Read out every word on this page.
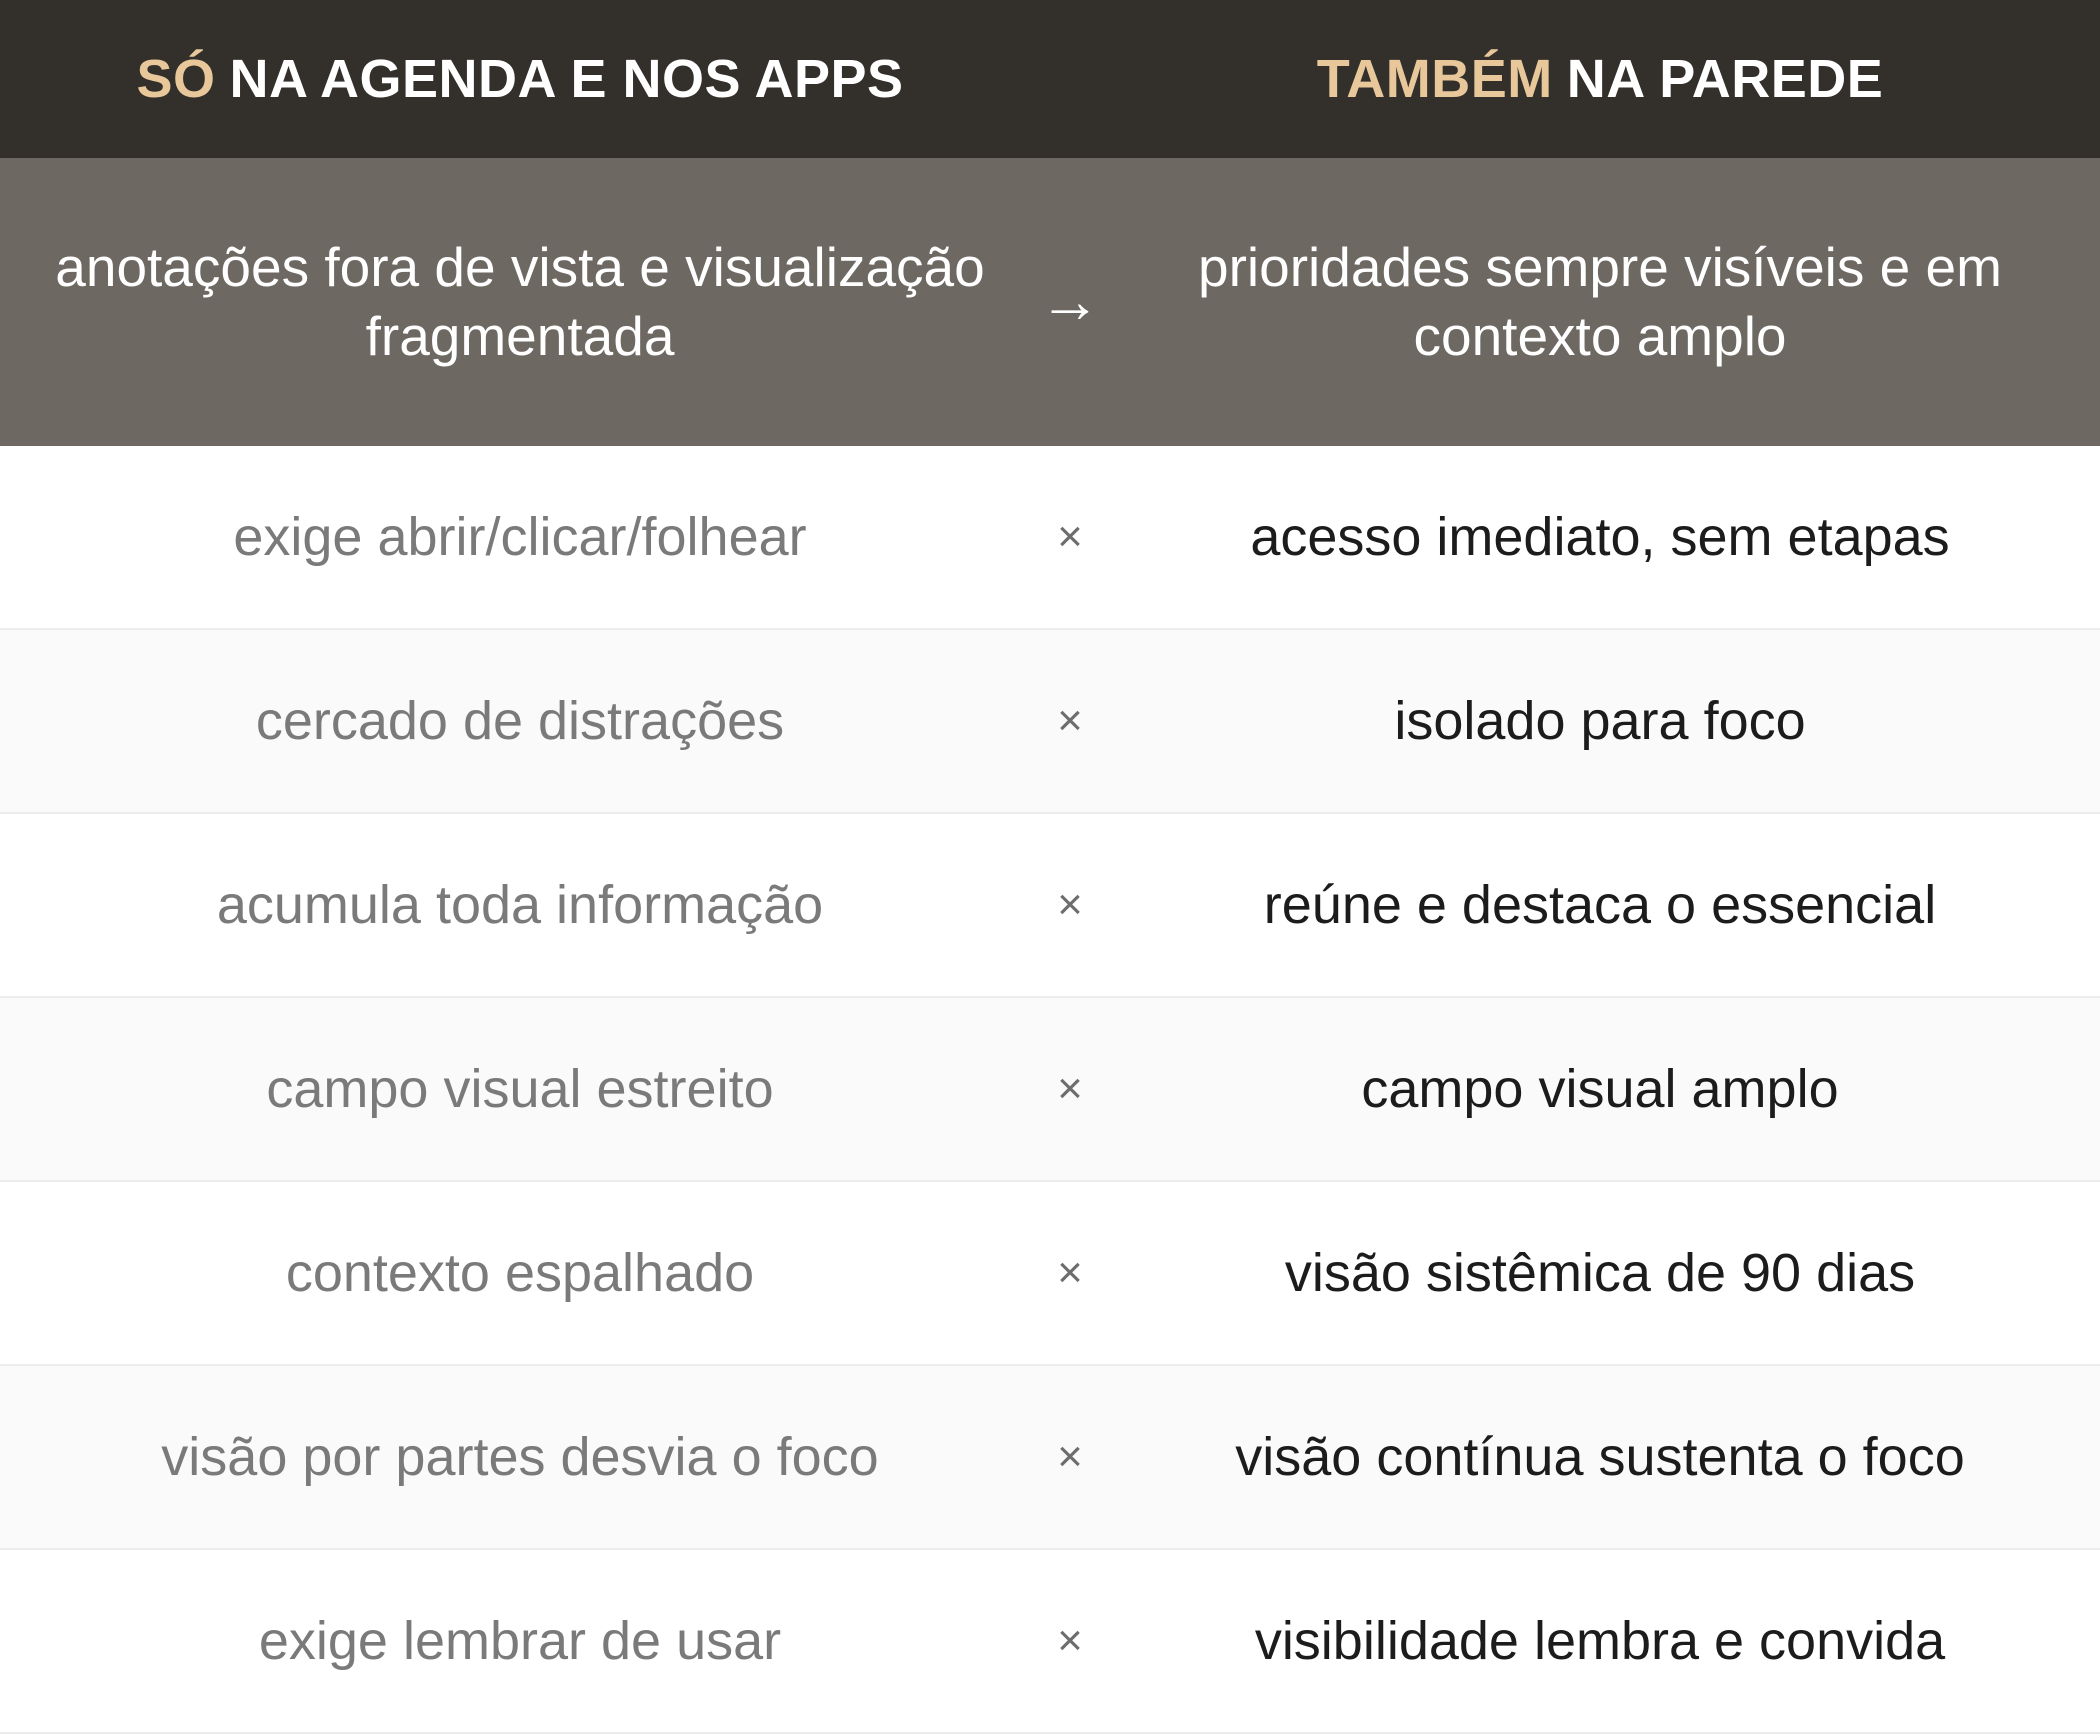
SÓ NA AGENDA E NOS APPS	TAMBÉM NA PAREDE
anotações fora de vista e visualização fragmentada	→	prioridades sempre visíveis e em contexto amplo
exige abrir/clicar/folhear	×	acesso imediato, sem etapas
cercado de distrações	×	isolado para foco
acumula toda informação	×	reúne e destaca o essencial
campo visual estreito	×	campo visual amplo
contexto espalhado	×	visão sistêmica de 90 dias
visão por partes desvia o foco	×	visão contínua sustenta o foco
exige lembrar de usar	×	visibilidade lembra e convida
